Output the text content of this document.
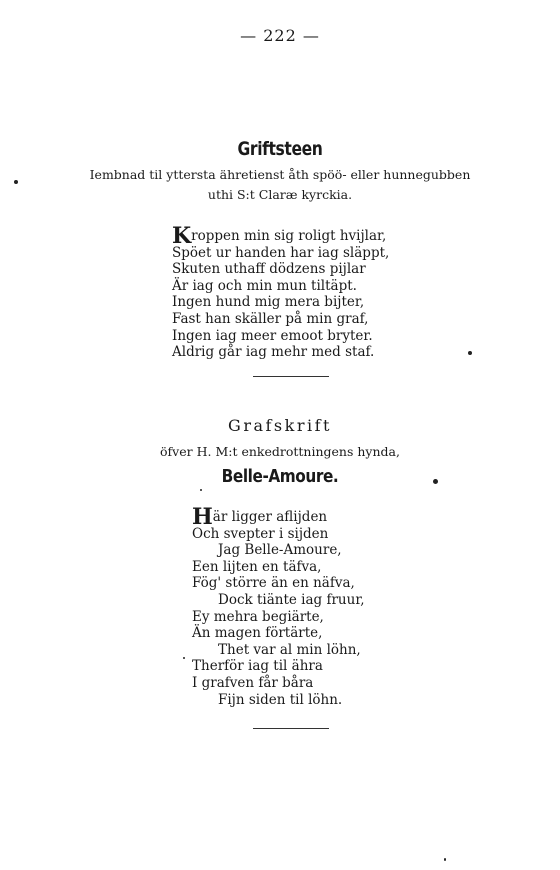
— 222 —
Griftsteen
Iembnad til yttersta ähretienst åth spöö- eller hunnegubben
uthi S:t Claræ kyrckia.
Kroppen min sig roligt hvijlar,
Spöet ur handen har iag släppt,
Skuten uthaff dödzens pijlar
Är iag och min mun tiltäpt.
Ingen hund mig mera bijter,
Fast han skäller på min graf,
Ingen iag meer emoot bryter.
Aldrig går iag mehr med staf.
Grafskrift
öfver H. M:t enkedrottningens hynda,
Belle-Amoure.
Här ligger aflijden
Och svepter i sijden
Jag Belle-Amoure,
Een lijten en täfva,
Fög' större än en näfva,
Dock tiänte iag fruur,
Ey mehra begiärte,
Än magen förtärte,
Thet var al min löhn,
Therför iag til ähra
I grafven får båra
Fijn siden til löhn.
